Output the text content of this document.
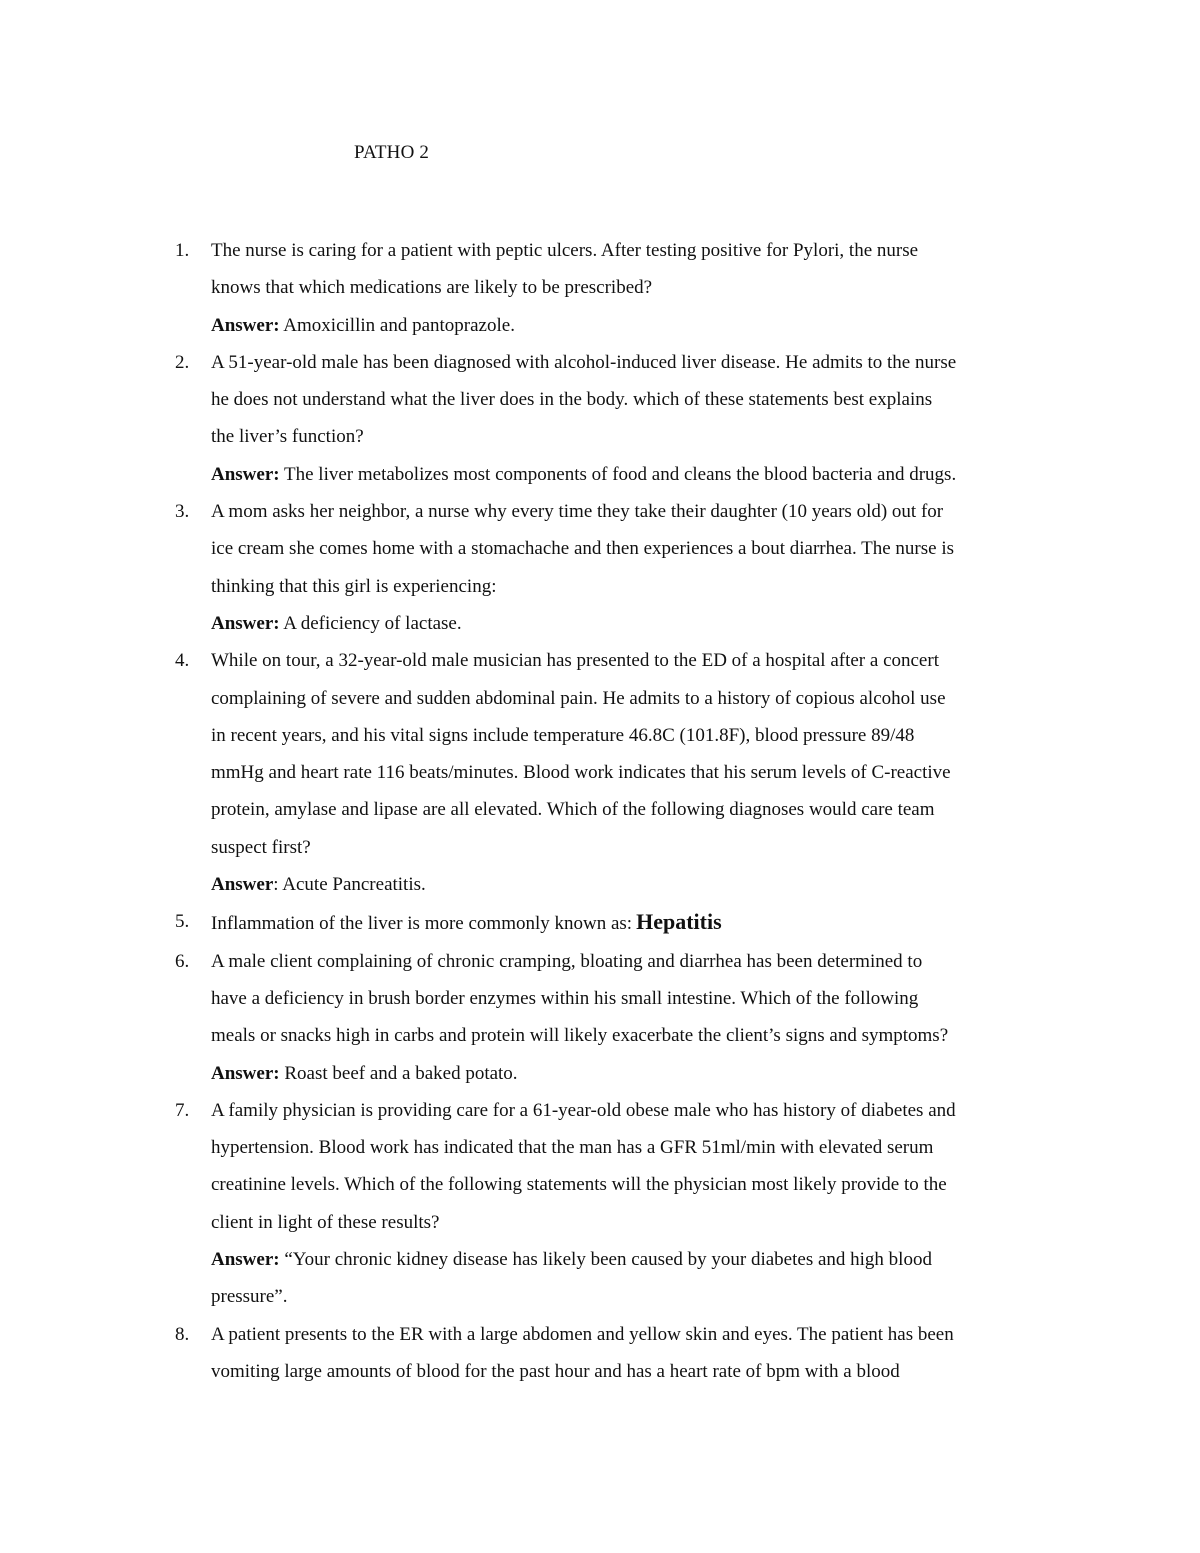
PATHO 2
1. The nurse is caring for a patient with peptic ulcers. After testing positive for Pylori, the nurse
knows that which medications are likely to be prescribed?
Answer: Amoxicillin and pantoprazole.
2. A 51-year-old male has been diagnosed with alcohol-induced liver disease. He admits to the nurse
he does not understand what the liver does in the body. which of these statements best explains
the liver’s function?
Answer: The liver metabolizes most components of food and cleans the blood bacteria and drugs.
3. A mom asks her neighbor, a nurse why every time they take their daughter (10 years old) out for
ice cream she comes home with a stomachache and then experiences a bout diarrhea. The nurse is
thinking that this girl is experiencing:
Answer: A deficiency of lactase.
4. While on tour, a 32-year-old male musician has presented to the ED of a hospital after a concert
complaining of severe and sudden abdominal pain. He admits to a history of copious alcohol use
in recent years, and his vital signs include temperature 46.8C (101.8F), blood pressure 89/48
mmHg and heart rate 116 beats/minutes. Blood work indicates that his serum levels of C-reactive
protein, amylase and lipase are all elevated. Which of the following diagnoses would care team
suspect first?
Answer: Acute Pancreatitis.
5. Inflammation of the liver is more commonly known as: Hepatitis
6. A male client complaining of chronic cramping, bloating and diarrhea has been determined to
have a deficiency in brush border enzymes within his small intestine. Which of the following
meals or snacks high in carbs and protein will likely exacerbate the client’s signs and symptoms?
Answer: Roast beef and a baked potato.
7. A family physician is providing care for a 61-year-old obese male who has history of diabetes and
hypertension. Blood work has indicated that the man has a GFR 51ml/min with elevated serum
creatinine levels. Which of the following statements will the physician most likely provide to the
client in light of these results?
Answer: “Your chronic kidney disease has likely been caused by your diabetes and high blood
pressure”.
8. A patient presents to the ER with a large abdomen and yellow skin and eyes. The patient has been
vomiting large amounts of blood for the past hour and has a heart rate of bpm with a blood
